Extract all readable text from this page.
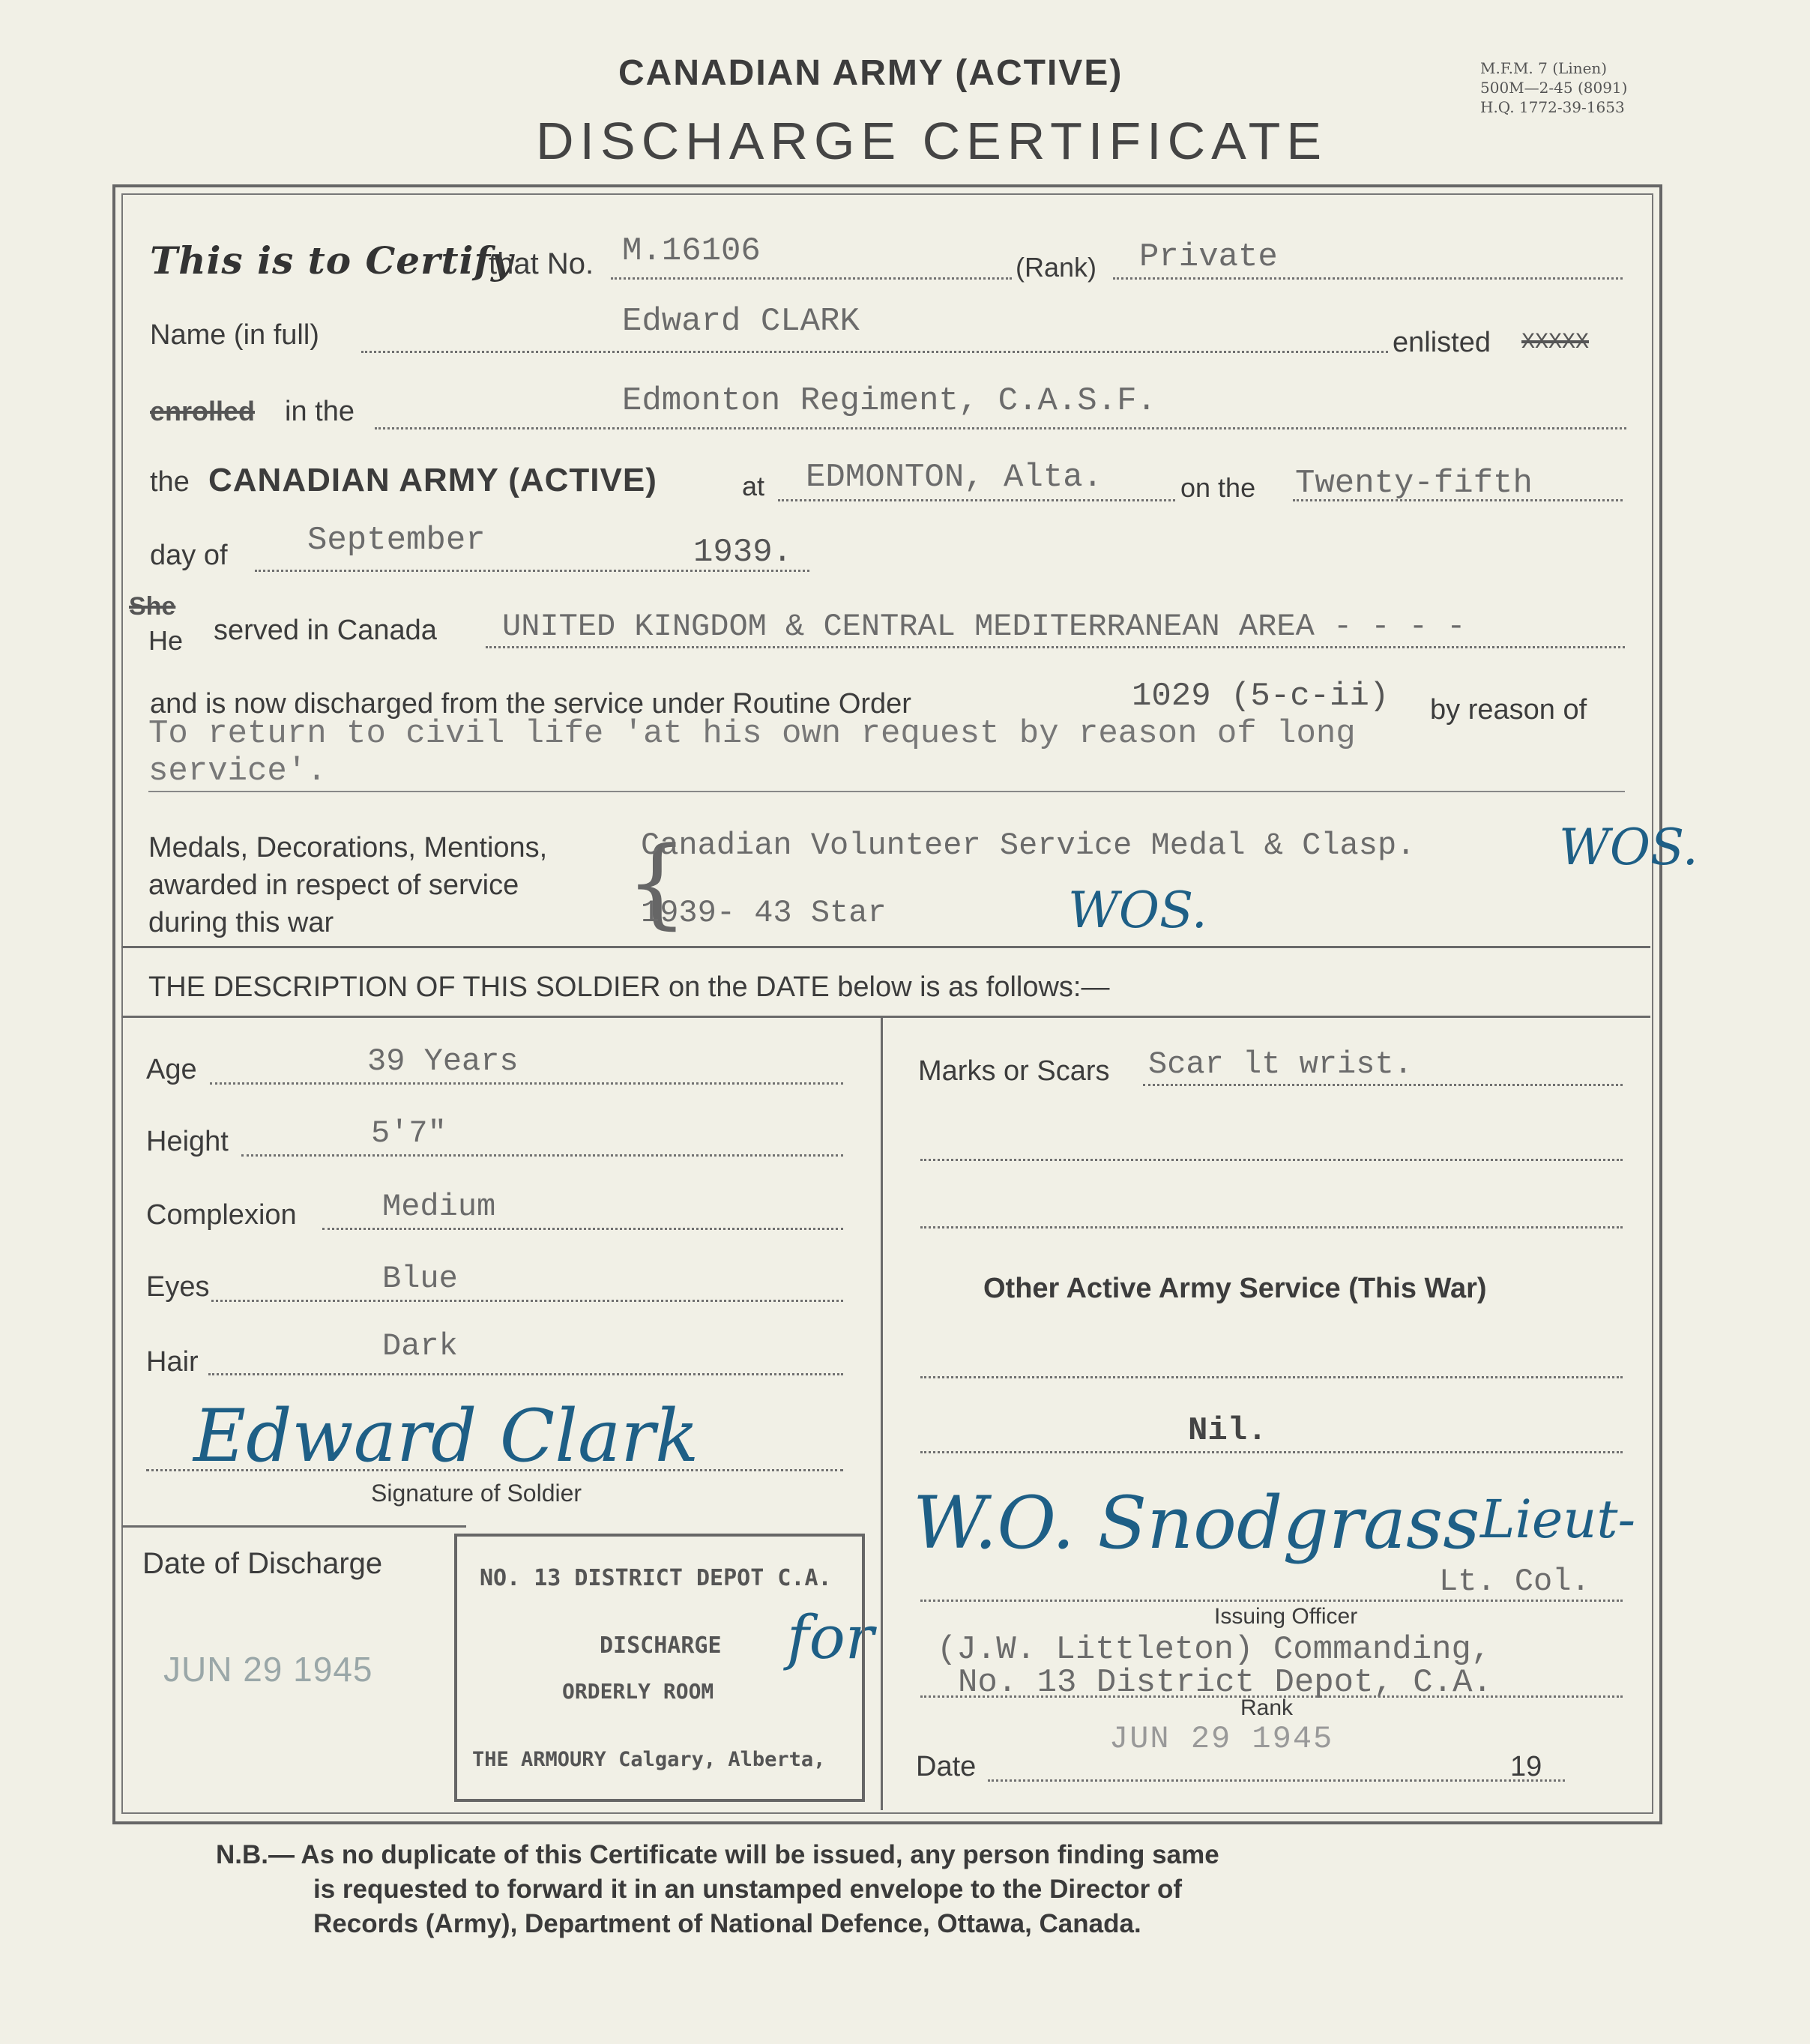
CANADIAN ARMY (ACTIVE)
DISCHARGE CERTIFICATE
M.F.M. 7 (Linen)
500M—2-45 (8091)
H.Q. 1772-39-1653
This is to Certify
that No. M.16106	(Rank) Private
Name (in full)	Edward CLARK
enlisted XXXXX
enrolled in the	Edmonton Regiment, C.A.S.F.
the CANADIAN ARMY (ACTIVE)	at EDMONTON, Alta.	on the Twenty-fifth
day of September	1939.
She
He served in Canada UNITED KINGDOM & CENTRAL MEDITERRANEAN AREA - - - -
and is now discharged from the service under Routine Order	1029 (5-c-ii) by reason of
To return to civil life 'at his own request by reason of long
service'.
Medals, Decorations, Mentions,
awarded in respect of service
during this war	{
Canadian Volunteer Service Medal & Clasp.
1939- 43 Star
WOS.
WOS.
THE DESCRIPTION OF THIS SOLDIER on the DATE below is as follows:—
Age	39 Years
Height	5'7"
Complexion	Medium
Eyes	Blue
Hair	Dark
Edward Clark
Signature of Soldier
Marks or Scars Scar lt wrist.
Other Active Army Service (This War)
Nil.
W.O. Snodgrass Lieut-
for
Lt. Col.
Issuing Officer
(J.W. Littleton) Commanding,
No. 13 District Depot, C.A.
Rank
JUN 29 1945
Date	19
Date of Discharge
JUN 29 1945
NO. 13 DISTRICT DEPOT C.A.
DISCHARGE
ORDERLY ROOM
THE ARMOURY Calgary, Alberta,
N.B.— As no duplicate of this Certificate will be issued, any person finding same
is requested to forward it in an unstamped envelope to the Director of
Records (Army), Department of National Defence, Ottawa, Canada.
